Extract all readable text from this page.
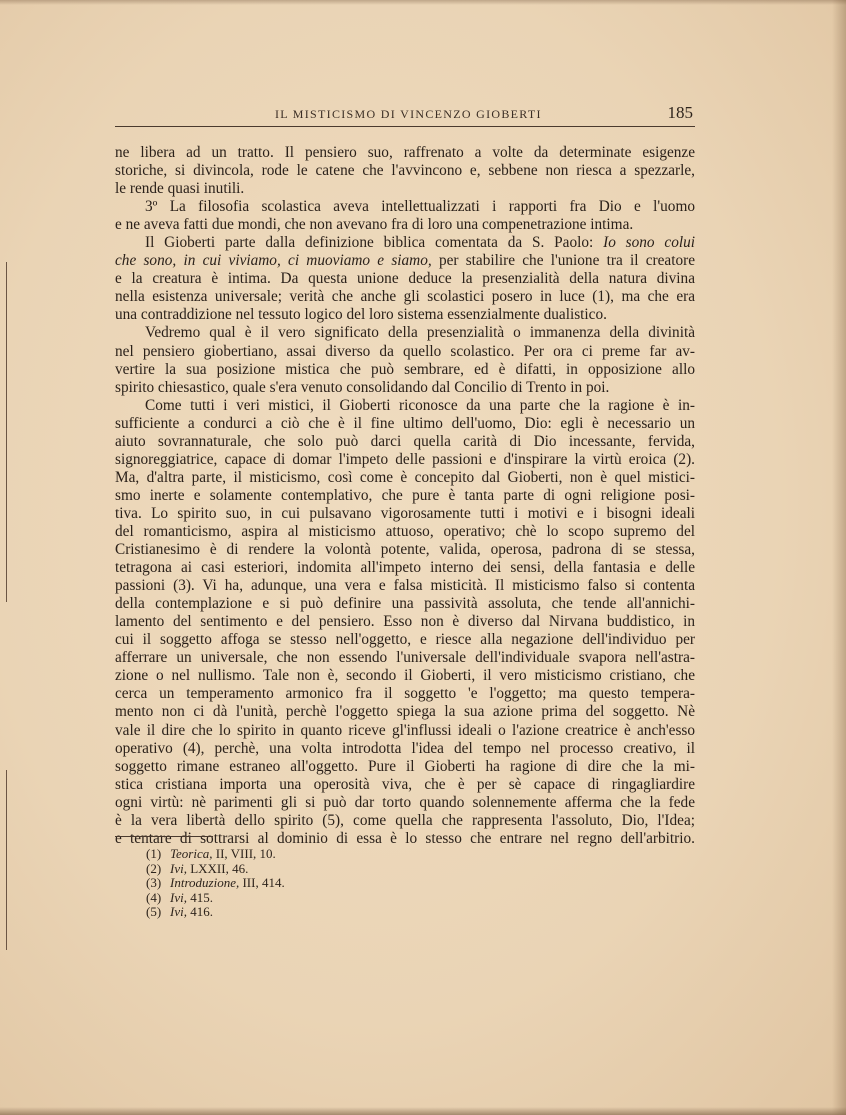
IL MISTICISMO DI VINCENZO GIOBERTI	185
ne libera ad un tratto. Il pensiero suo, raffrenato a volte da determinate esigenze
storiche, si divincola, rode le catene che l'avvincono e, sebbene non riesca a spezzarle,
le rende quasi inutili.
3º La filosofia scolastica aveva intellettualizzati i rapporti fra Dio e l'uomo
e ne aveva fatti due mondi, che non avevano fra di loro una compenetrazione intima.
Il Gioberti parte dalla definizione biblica comentata da S. Paolo: Io sono colui
che sono, in cui viviamo, ci muoviamo e siamo, per stabilire che l'unione tra il creatore
e la creatura è intima. Da questa unione deduce la presenzialità della natura divina
nella esistenza universale; verità che anche gli scolastici posero in luce (1), ma che era
una contraddizione nel tessuto logico del loro sistema essenzialmente dualistico.
Vedremo qual è il vero significato della presenzialità o immanenza della divinità
nel pensiero giobertiano, assai diverso da quello scolastico. Per ora ci preme far av-
vertire la sua posizione mistica che può sembrare, ed è difatti, in opposizione allo
spirito chiesastico, quale s'era venuto consolidando dal Concilio di Trento in poi.
Come tutti i veri mistici, il Gioberti riconosce da una parte che la ragione è in-
sufficiente a condurci a ciò che è il fine ultimo dell'uomo, Dio: egli è necessario un
aiuto sovrannaturale, che solo può darci quella carità di Dio incessante, fervida,
signoreggiatrice, capace di domar l'impeto delle passioni e d'inspirare la virtù eroica (2).
Ma, d'altra parte, il misticismo, così come è concepito dal Gioberti, non è quel mistici-
smo inerte e solamente contemplativo, che pure è tanta parte di ogni religione posi-
tiva. Lo spirito suo, in cui pulsavano vigorosamente tutti i motivi e i bisogni ideali
del romanticismo, aspira al misticismo attuoso, operativo; chè lo scopo supremo del
Cristianesimo è di rendere la volontà potente, valida, operosa, padrona di se stessa,
tetragona ai casi esteriori, indomita all'impeto interno dei sensi, della fantasia e delle
passioni (3). Vi ha, adunque, una vera e falsa misticità. Il misticismo falso si contenta
della contemplazione e si può definire una passività assoluta, che tende all'annichi-
lamento del sentimento e del pensiero. Esso non è diverso dal Nirvana buddistico, in
cui il soggetto affoga se stesso nell'oggetto, e riesce alla negazione dell'individuo per
afferrare un universale, che non essendo l'universale dell'individuale svapora nell'astra-
zione o nel nullismo. Tale non è, secondo il Gioberti, il vero misticismo cristiano, che
cerca un temperamento armonico fra il soggetto 'e l'oggetto; ma questo tempera-
mento non ci dà l'unità, perchè l'oggetto spiega la sua azione prima del soggetto. Nè
vale il dire che lo spirito in quanto riceve gl'influssi ideali o l'azione creatrice è anch'esso
operativo (4), perchè, una volta introdotta l'idea del tempo nel processo creativo, il
soggetto rimane estraneo all'oggetto. Pure il Gioberti ha ragione di dire che la mi-
stica cristiana importa una operosità viva, che è per sè capace di ringagliardire
ogni virtù: nè parimenti gli si può dar torto quando solennemente afferma che la fede
è la vera libertà dello spirito (5), come quella che rappresenta l'assoluto, Dio, l'Idea;
e tentare di sottrarsi al dominio di essa è lo stesso che entrare nel regno dell'arbitrio.
(1) Teorica, II, VIII, 10.
(2) Ivi, LXXII, 46.
(3) Introduzione, III, 414.
(4) Ivi, 415.
(5) Ivi, 416.
